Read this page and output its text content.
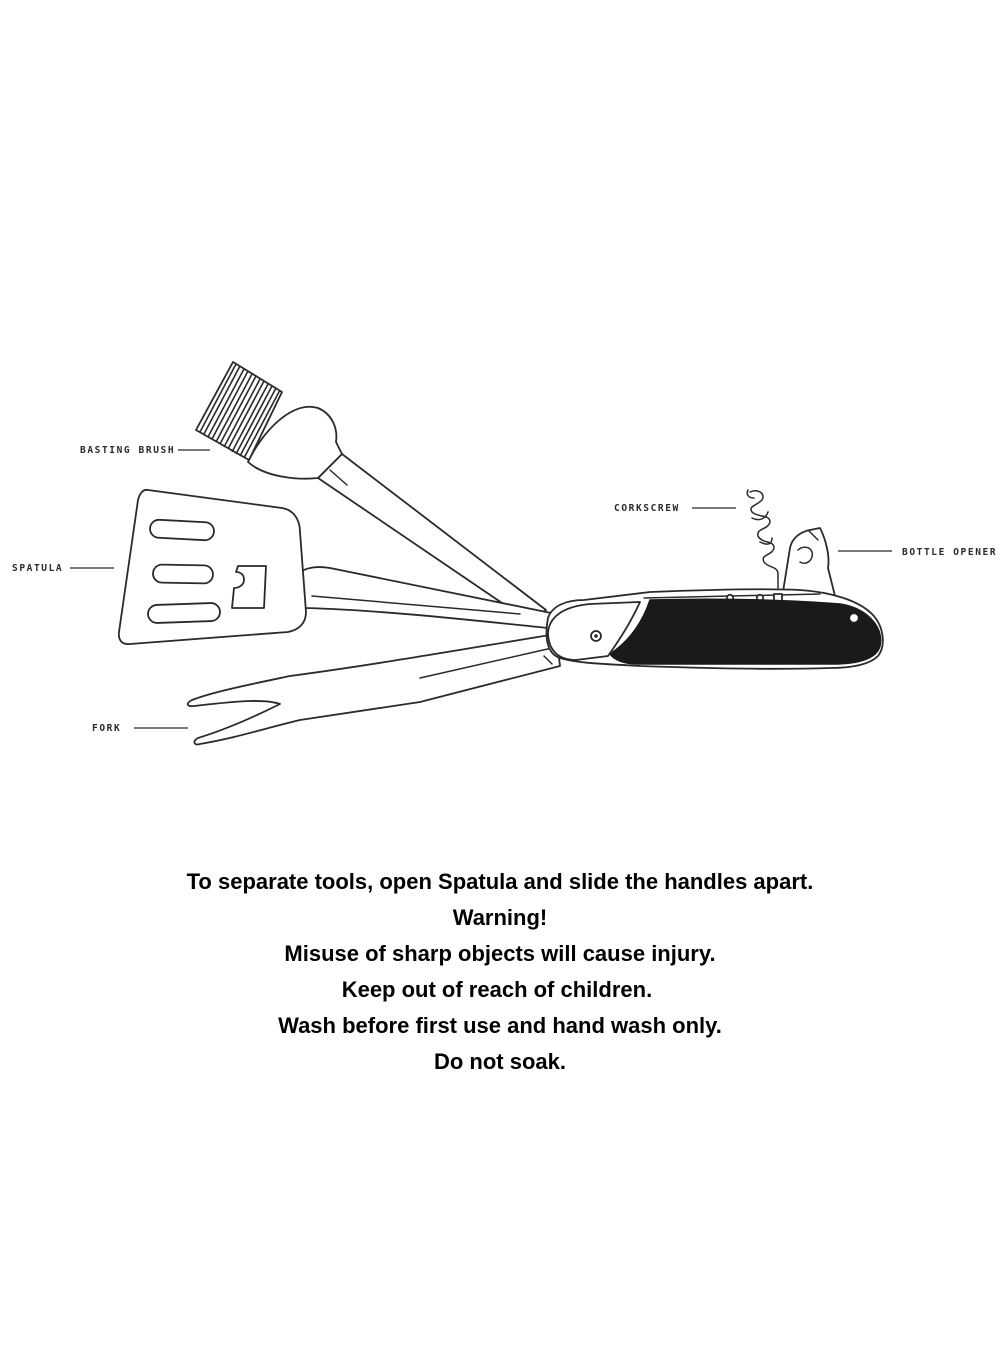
BASTING BRUSH
SPATULA
FORK
CORKSCREW
BOTTLE OPENER
To separate tools, open Spatula and slide the handles apart.
Warning!
Misuse of sharp objects will cause injury.
Keep out of reach of children.
Wash before first use and hand wash only.
Do not soak.
